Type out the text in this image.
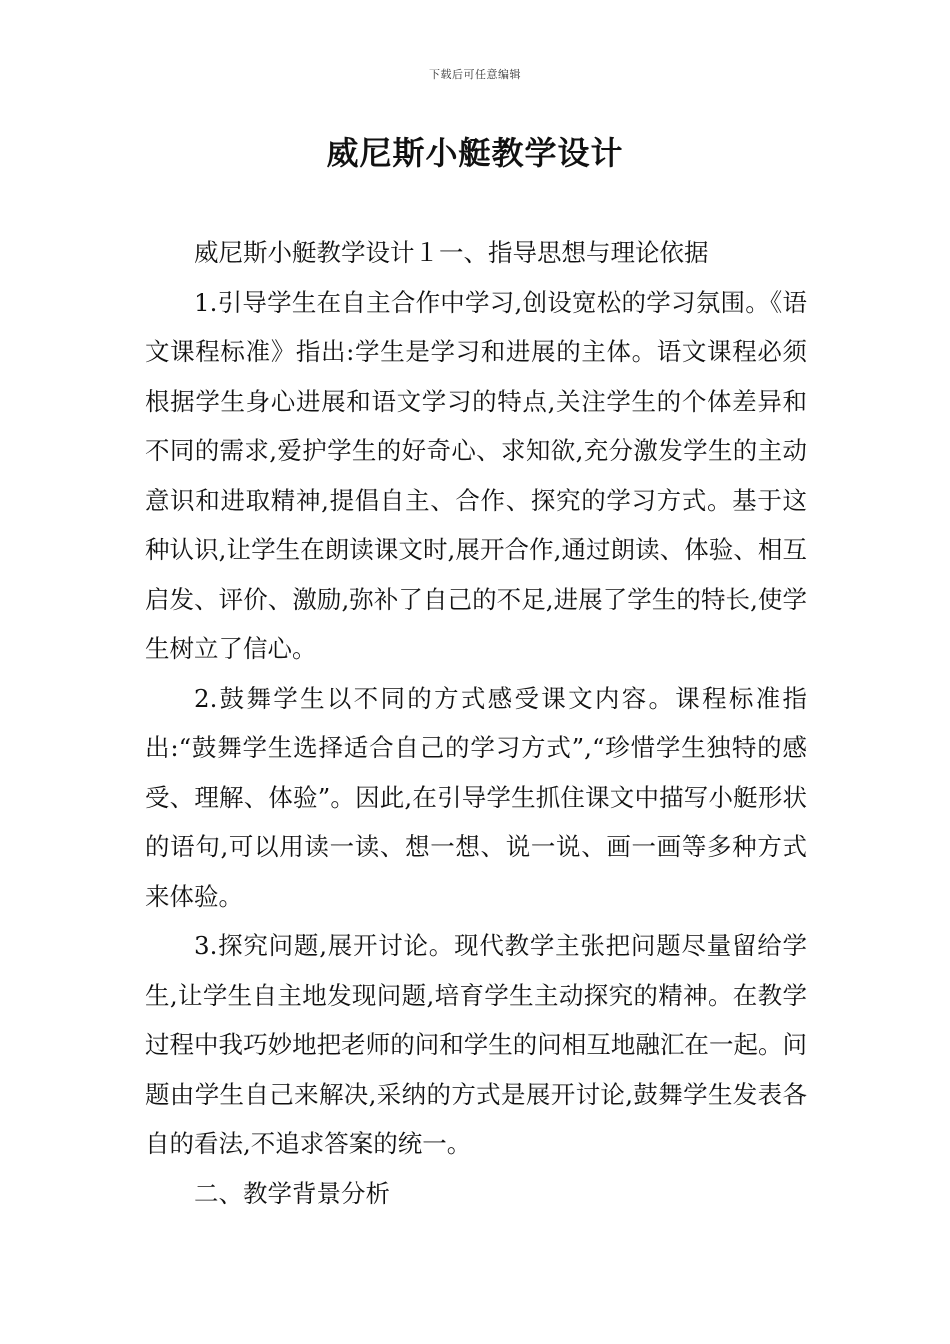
下载后可任意编辑
威尼斯小艇教学设计

威尼斯小艇教学设计１一、指导思想与理论依据

1.引导学生在自主合作中学习,创设宽松的学习氛围。《语文课程标准》指出:学生是学习和进展的主体。语文课程必须根据学生身心进展和语文学习的特点,关注学生的个体差异和不同的需求,爱护学生的好奇心、求知欲,充分激发学生的主动意识和进取精神,提倡自主、合作、探究的学习方式。基于这种认识,让学生在朗读课文时,展开合作,通过朗读、体验、相互启发、评价、激励,弥补了自己的不足,进展了学生的特长,使学生树立了信心。

2.鼓舞学生以不同的方式感受课文内容。课程标准指出:“鼓舞学生选择适合自己的学习方式”,“珍惜学生独特的感受、理解、体验”。因此,在引导学生抓住课文中描写小艇形状的语句,可以用读一读、想一想、说一说、画一画等多种方式来体验。

3.探究问题,展开讨论。现代教学主张把问题尽量留给学生,让学生自主地发现问题,培育学生主动探究的精神。在教学过程中我巧妙地把老师的问和学生的问相互地融汇在一起。问题由学生自己来解决,采纳的方式是展开讨论,鼓舞学生发表各自的看法,不追求答案的统一。

二、教学背景分析
